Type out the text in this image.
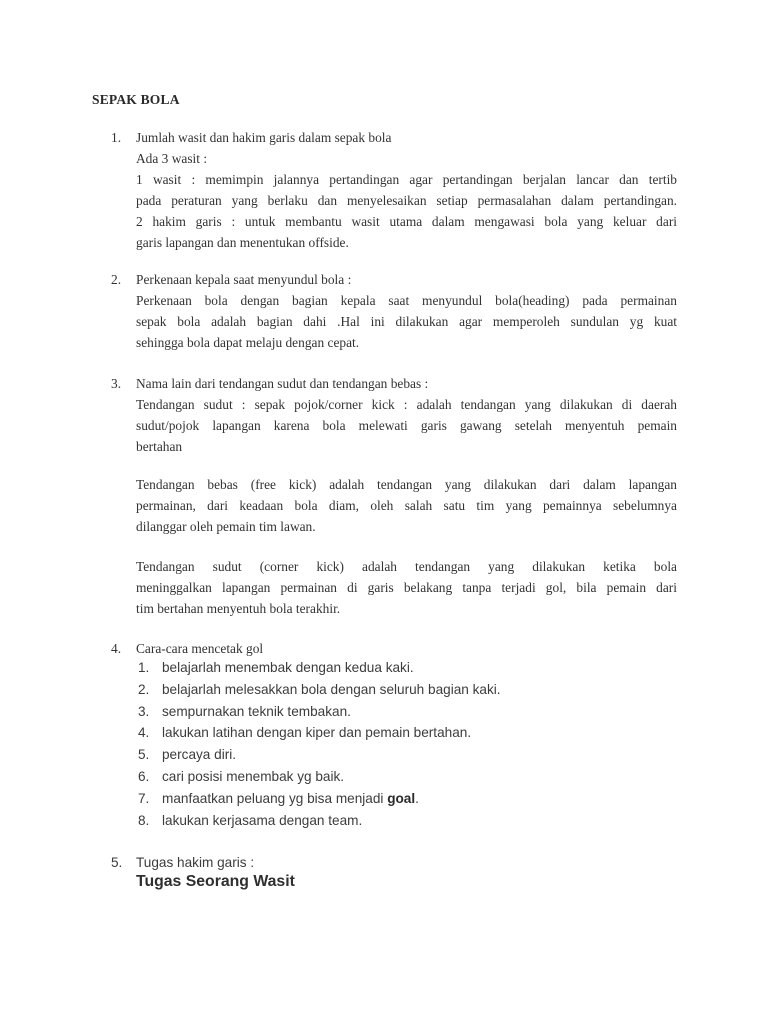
SEPAK BOLA
1. Jumlah wasit dan hakim garis dalam sepak bola
Ada 3 wasit :
1 wasit : memimpin jalannya pertandingan agar pertandingan berjalan lancar dan tertib
pada peraturan yang berlaku dan menyelesaikan setiap permasalahan dalam pertandingan.
2 hakim garis : untuk membantu wasit utama dalam mengawasi bola yang keluar dari
garis lapangan dan menentukan offside.
2. Perkenaan kepala saat menyundul bola :
Perkenaan bola dengan bagian kepala saat menyundul bola(heading) pada permainan
sepak bola adalah bagian dahi .Hal ini dilakukan agar memperoleh sundulan yg kuat
sehingga bola dapat melaju dengan cepat.
3. Nama lain dari tendangan sudut dan tendangan bebas :
Tendangan sudut : sepak pojok/corner kick : adalah tendangan yang dilakukan di daerah
sudut/pojok lapangan karena bola melewati garis gawang setelah menyentuh pemain
bertahan
Tendangan bebas (free kick) adalah tendangan yang dilakukan dari dalam lapangan
permainan, dari keadaan bola diam, oleh salah satu tim yang pemainnya sebelumnya
dilanggar oleh pemain tim lawan.
Tendangan sudut (corner kick) adalah tendangan yang dilakukan ketika bola
meninggalkan lapangan permainan di garis belakang tanpa terjadi gol, bila pemain dari
tim bertahan menyentuh bola terakhir.
4. Cara-cara mencetak gol
1. belajarlah menembak dengan kedua kaki.
2. belajarlah melesakkan bola dengan seluruh bagian kaki.
3. sempurnakan teknik tembakan.
4. lakukan latihan dengan kiper dan pemain bertahan.
5. percaya diri.
6. cari posisi menembak yg baik.
7. manfaatkan peluang yg bisa menjadi goal.
8. lakukan kerjasama dengan team.
5. Tugas hakim garis :
Tugas Seorang Wasit
